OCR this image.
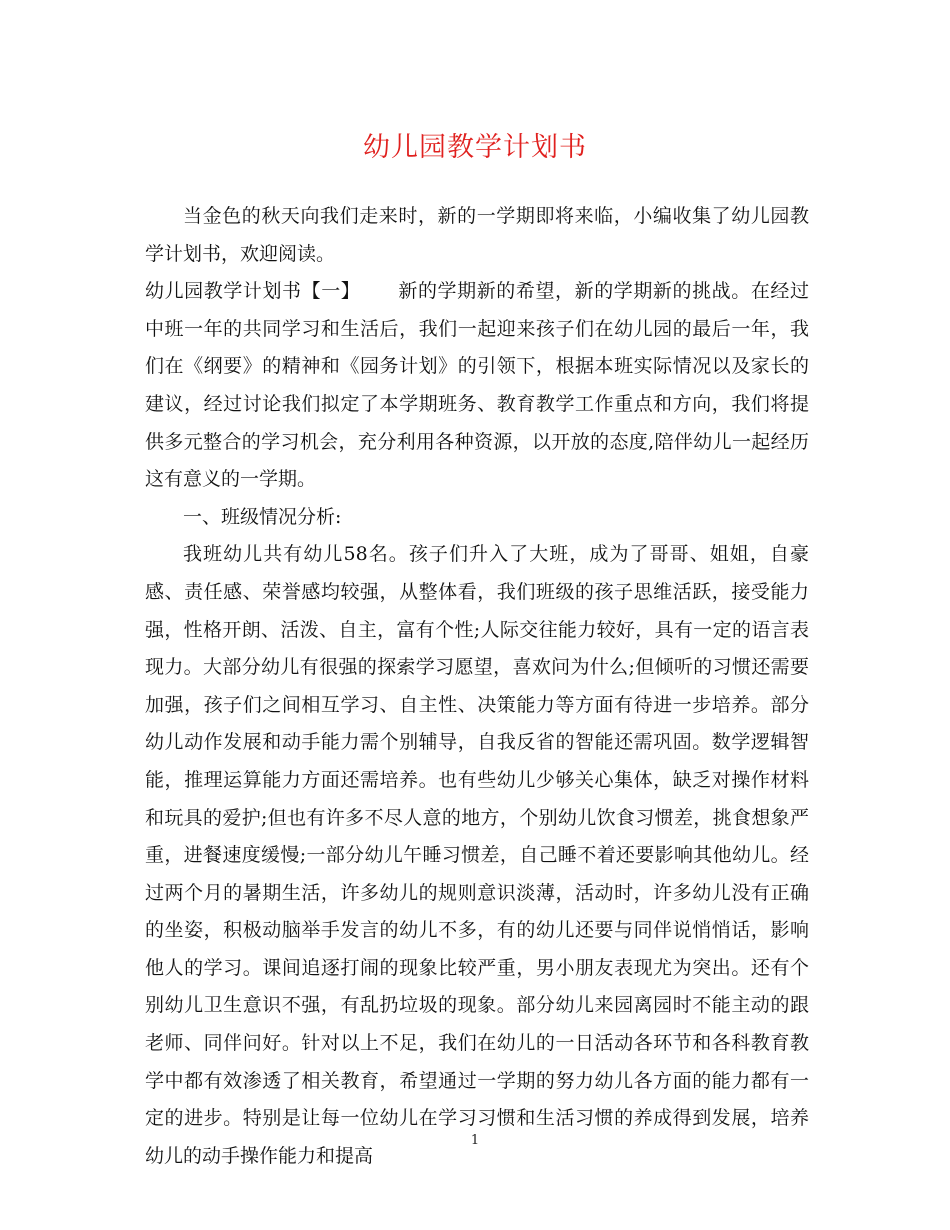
幼儿园教学计划书

当金色的秋天向我们走来时，新的一学期即将来临，小编收集了幼儿园教学计划书，欢迎阅读。

幼儿园教学计划书【一】 新的学期新的希望，新的学期新的挑战。在经过中班一年的共同学习和生活后，我们一起迎来孩子们在幼儿园的最后一年，我们在《纲要》的精神和《园务计划》的引领下，根据本班实际情况以及家长的建议，经过讨论我们拟定了本学期班务、教育教学工作重点和方向，我们将提供多元整合的学习机会，充分利用各种资源，以开放的态度,陪伴幼儿一起经历这有意义的一学期。

一、班级情况分析:

我班幼儿共有幼儿58名。孩子们升入了大班，成为了哥哥、姐姐，自豪感、责任感、荣誉感均较强，从整体看，我们班级的孩子思维活跃，接受能力强，性格开朗、活泼、自主，富有个性;人际交往能力较好，具有一定的语言表现力。大部分幼儿有很强的探索学习愿望，喜欢问为什么;但倾听的习惯还需要加强，孩子们之间相互学习、自主性、决策能力等方面有待进一步培养。部分幼儿动作发展和动手能力需个别辅导，自我反省的智能还需巩固。数学逻辑智能，推理运算能力方面还需培养。也有些幼儿少够关心集体，缺乏对操作材料和玩具的爱护;但也有许多不尽人意的地方，个别幼儿饮食习惯差，挑食想象严重，进餐速度缓慢;一部分幼儿午睡习惯差，自己睡不着还要影响其他幼儿。经过两个月的暑期生活，许多幼儿的规则意识淡薄，活动时，许多幼儿没有正确的坐姿，积极动脑举手发言的幼儿不多，有的幼儿还要与同伴说悄悄话，影响他人的学习。课间追逐打闹的现象比较严重，男小朋友表现尤为突出。还有个别幼儿卫生意识不强，有乱扔垃圾的现象。部分幼儿来园离园时不能主动的跟老师、同伴问好。针对以上不足，我们在幼儿的一日活动各环节和各科教育教学中都有效渗透了相关教育，希望通过一学期的努力幼儿各方面的能力都有一定的进步。特别是让每一位幼儿在学习习惯和生活习惯的养成得到发展，培养幼儿的动手操作能力和提高

1
